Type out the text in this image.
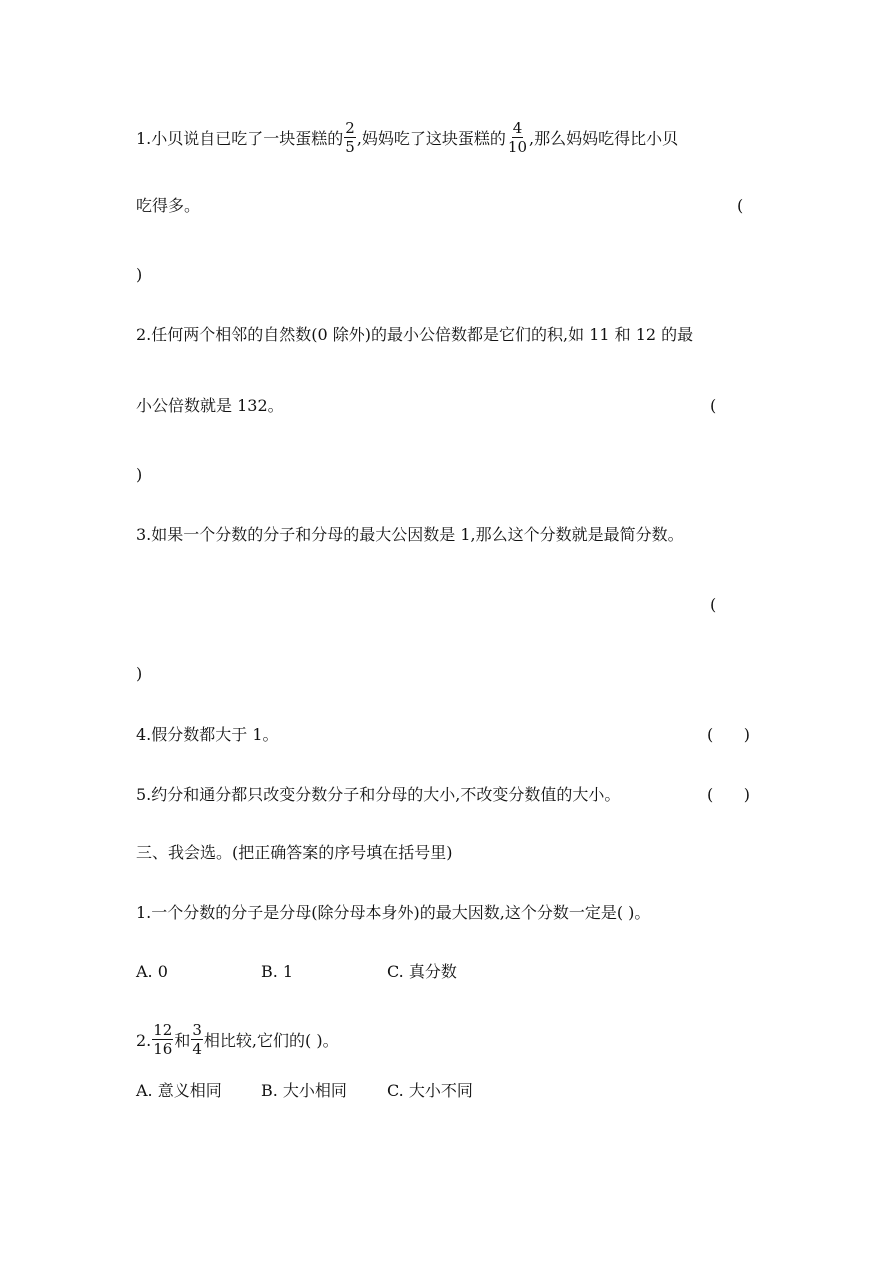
1.小贝说自已吃了一块蛋糕的 $\frac{2}{5}$ ,妈妈吃了这块蛋糕的 $\frac{4}{10}$ ,那么妈妈吃得比小贝
吃得多。	(
)
2.任何两个相邻的自然数(0 除外)的最小公倍数都是它们的积,如 11 和 12 的最
小公倍数就是 132。	(
)
3.如果一个分数的分子和分母的最大公因数是 1,那么这个分数就是最简分数。
(
)
4.假分数都大于 1。	(      )
5.约分和通分都只改变分数分子和分母的大小,不改变分数值的大小。	(      )
三、我会选。(把正确答案的序号填在括号里)
1.一个分数的分子是分母(除分母本身外)的最大因数,这个分数一定是( )。
A. 0	B. 1	C. 真分数
2. $\frac{12}{16}$ 和 $\frac{3}{4}$ 相比较,它们的( )。
A. 意义相同 B. 大小相同	C. 大小不同
